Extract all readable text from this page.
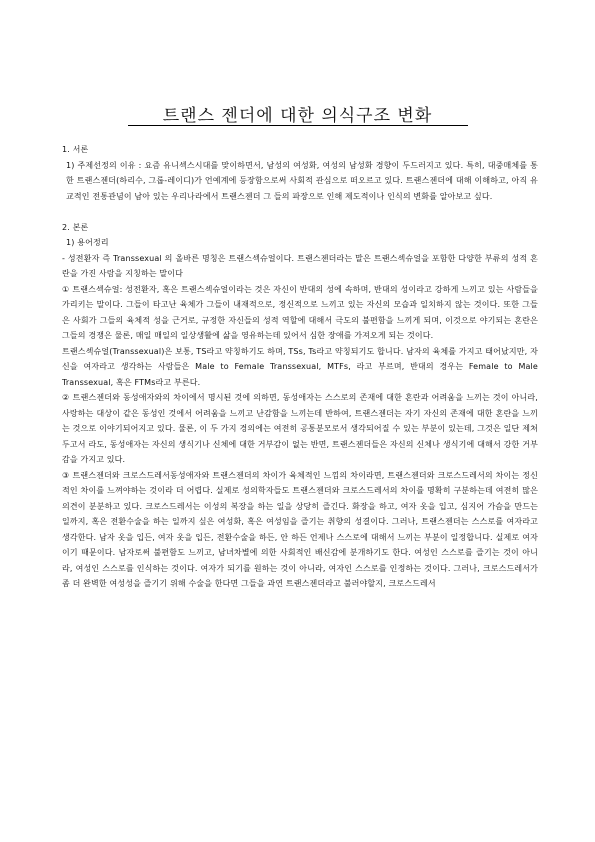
트랜스 젠더에 대한 의식구조 변화

1. 서론

1) 주제선정의 이유 : 요즘 유니섹스시대를 맞이하면서, 남성의 여성화, 여성의 남성화 경향이 두드러지고 있다. 특히, 대중매체를 통한 트랜스젠더(하리수, 그룹-레이디)가 언예계에 등장함으로써 사회적 관심으로 떠오르고 있다. 트랜스젠더에 대해 이해하고, 아직 유교적인 전통관념이 남아 있는 우리나라에서 트랜스젠더 그 들의 파장으로 인해 제도적이나 인식의 변화를 알아보고 싶다.

2. 본론

1) 용어정리

- 성전환자 즉 Transsexual 의 올바른 명칭은 트랜스섹슈얼이다. 트랜스젠더라는 말은 트랜스섹슈얼을 포함한 다양한 부류의 성적 혼란을 가진 사람을 지칭하는 말이다

① 트랜스섹슈얼: 성전환자, 혹은 트랜스섹슈얼이라는 것은 자신이 반대의 성에 속하며, 반대의 성이라고 강하게 느끼고 있는 사람들을 가리키는 말이다. 그들이 타고난 육체가 그들이 내재적으로, 정신적으로 느끼고 있는 자신의 모습과 일치하지 않는 것이다. 또한 그들은 사회가 그들의 육체적 성을 근거로, 규정한 자신들의 성적 역할에 대해서 극도의 불편함을 느끼게 되며, 이것으로 야기되는 혼란은 그들의 경쟁은 물론, 매일 매일의 일상생활에 삶을 영유하는데 있어서 심한 장애를 가져오게 되는 것이다.

트랜스섹슈얼(Transsexual)은 보통, TS라고 약칭하기도 하며, TSs, Ts라고 약칭되기도 합니다. 남자의 육체를 가지고 태어났지만, 자신을 여자라고 생각하는 사람들은 Male to Female Transsexual, MTFs, 라고 부르며, 반대의 경우는 Female to Male Transsexual, 혹은 FTMs라고 부른다.

② 트랜스젠더와 동성애자와의 차이에서 명시된 것에 의하면, 동성애자는 스스로의 존재에 대한 혼란과 어려움을 느끼는 것이 아니라, 사랑하는 대상이 같은 동성인 것에서 어려움을 느끼고 난감함을 느끼는데 반하여, 트랜스젠더는 자기 자신의 존재에 대한 혼란을 느끼는 것으로 이야기되어지고 있다. 물론, 이 두 가지 경의에는 여전히 공통분모로서 생각되어질 수 있는 부분이 있는데, 그것은 일단 제쳐 두고서 라도, 동성애자는 자신의 생식기나 신체에 대한 거부감이 없는 반면, 트랜스젠더들은 자신의 신체나 생식기에 대해서 강한 거부감을 가지고 있다.

③ 트랜스젠더와 크로스드레서동성애자와 트랜스젠더의 차이가 육체적인 느낌의 차이라면, 트랜스젠더와 크로스드레서의 차이는 정신적인 차이를 느껴야하는 것이라 더 어렵다. 실제로 성의학자들도 트랜스젠더와 크로스드레서의 차이를 명확히 구분하는데 여전히 많은 의견이 분분하고 있다. 크로스드레서는 이성의 복장을 하는 일을 상당히 즐긴다. 화장을 하고, 여자 옷을 입고, 심지어 가슴을 만드는 일까지, 혹은 전환수술을 하는 일까지 싶은 여성화, 혹은 여성임을 즐기는 취향의 성결이다. 그러나, 트랜스젠더는 스스로를 여자라고 생각한다. 남자 옷을 입든, 여자 옷을 입든, 전환수술을 하든, 안 하든 언제나 스스로에 대해서 느끼는 부분이 일정합니다. 실제로 여자이기 때문이다. 남자로써 불편함도 느끼고, 남녀차별에 의한 사회적인 배신감에 분개하기도 한다. 여성인 스스로를 즐기는 것이 아니라, 여성인 스스로를 인식하는 것이다. 여자가 되기를 원하는 것이 아니라, 여자인 스스로를 인정하는 것이다. 그러나, 크로스드레서가 좀 더 완벽한 여성성을 즐기기 위해 수술을 한다면 그들을 과연 트랜스젠더라고 불러야할지, 크로스드레서
